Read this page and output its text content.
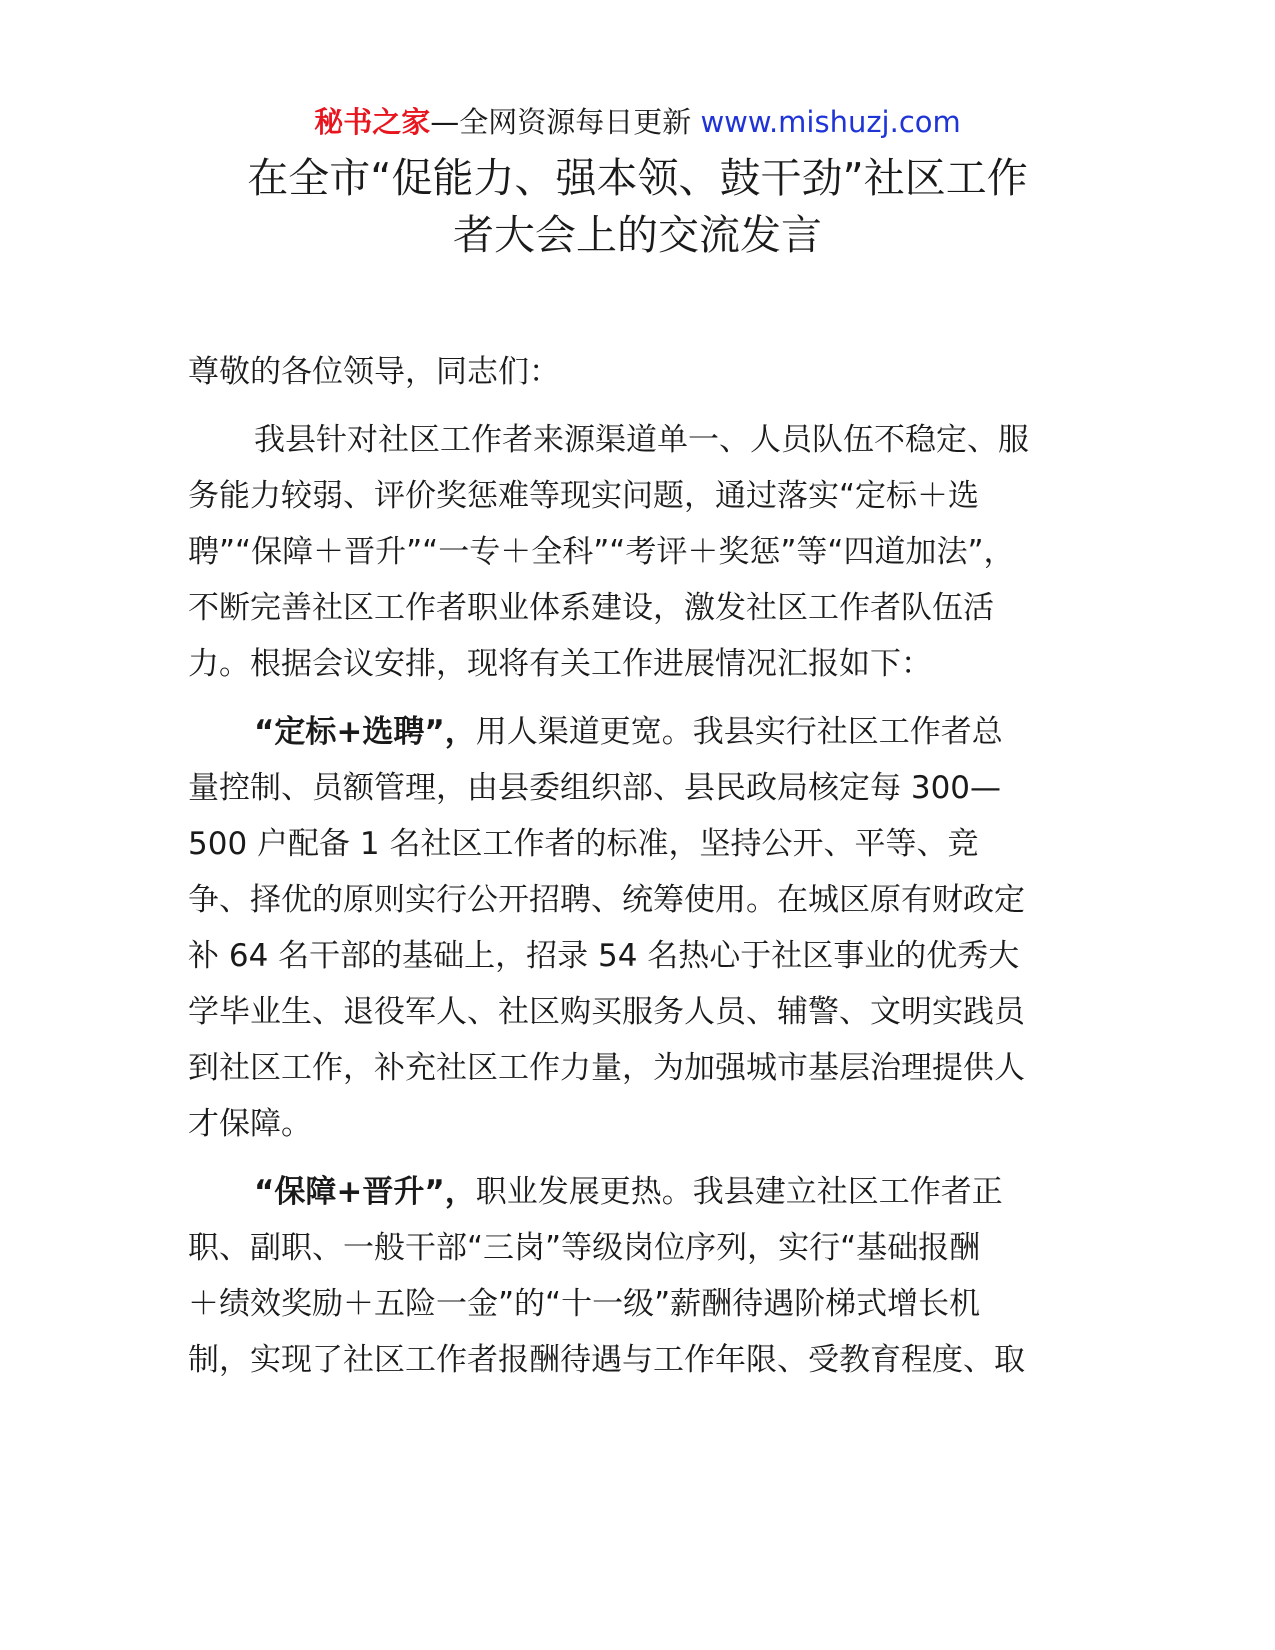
秘书之家—全网资源每日更新 www.mishuzj.com
在全市“促能力、强本领、鼓干劲”社区工作
者大会上的交流发言
尊敬的各位领导，同志们：
我县针对社区工作者来源渠道单一、人员队伍不稳定、服
务能力较弱、评价奖惩难等现实问题，通过落实“定标＋选
聘”“保障＋晋升”“一专＋全科”“考评＋奖惩”等“四道加法”，
不断完善社区工作者职业体系建设，激发社区工作者队伍活
力。根据会议安排，现将有关工作进展情况汇报如下：
“定标+选聘”，用人渠道更宽。我县实行社区工作者总
量控制、员额管理，由县委组织部、县民政局核定每 300—
500 户配备 1 名社区工作者的标准，坚持公开、平等、竞
争、择优的原则实行公开招聘、统筹使用。在城区原有财政定
补 64 名干部的基础上，招录 54 名热心于社区事业的优秀大
学毕业生、退役军人、社区购买服务人员、辅警、文明实践员
到社区工作，补充社区工作力量，为加强城市基层治理提供人
才保障。
“保障+晋升”，职业发展更热。我县建立社区工作者正
职、副职、一般干部“三岗”等级岗位序列，实行“基础报酬
＋绩效奖励＋五险一金”的“十一级”薪酬待遇阶梯式增长机
制，实现了社区工作者报酬待遇与工作年限、受教育程度、取
